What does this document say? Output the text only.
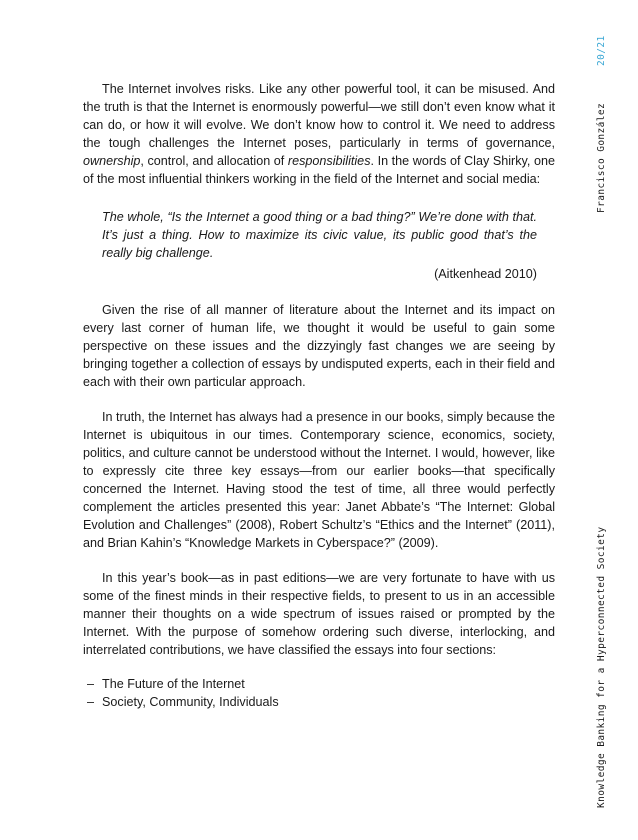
The Internet involves risks. Like any other powerful tool, it can be misused. And the truth is that the Internet is enormously powerful—we still don’t even know what it can do, or how it will evolve. We don’t know how to control it. We need to address the tough challenges the Internet poses, particularly in terms of governance, ownership, control, and allocation of responsibilities. In the words of Clay Shirky, one of the most influential thinkers working in the field of the Internet and social media:

The whole, “Is the Internet a good thing or a bad thing?” We’re done with that. It’s just a thing. How to maximize its civic value, its public good that’s the really big challenge.
(Aitkenhead 2010)

Given the rise of all manner of literature about the Internet and its impact on every last corner of human life, we thought it would be useful to gain some perspective on these issues and the dizzyingly fast changes we are seeing by bringing together a collection of essays by undisputed experts, each in their field and each with their own particular approach.

In truth, the Internet has always had a presence in our books, simply because the Internet is ubiquitous in our times. Contemporary science, economics, society, politics, and culture cannot be understood without the Internet. I would, however, like to expressly cite three key essays—from our earlier books—that specifically concerned the Internet. Having stood the test of time, all three would perfectly complement the articles presented this year: Janet Abbate’s “The Internet: Global Evolution and Challenges” (2008), Robert Schultz’s “Ethics and the Internet” (2011), and Brian Kahin’s “Knowledge Markets in Cyberspace?” (2009).

In this year’s book—as in past editions—we are very fortunate to have with us some of the finest minds in their respective fields, to present to us in an accessible manner their thoughts on a wide spectrum of issues raised or prompted by the Internet. With the purpose of somehow ordering such diverse, interlocking, and interrelated contributions, we have classified the essays into four sections:

– The Future of the Internet
– Society, Community, Individuals
20/21
Francisco González
Knowledge Banking for a Hyperconnected Society
